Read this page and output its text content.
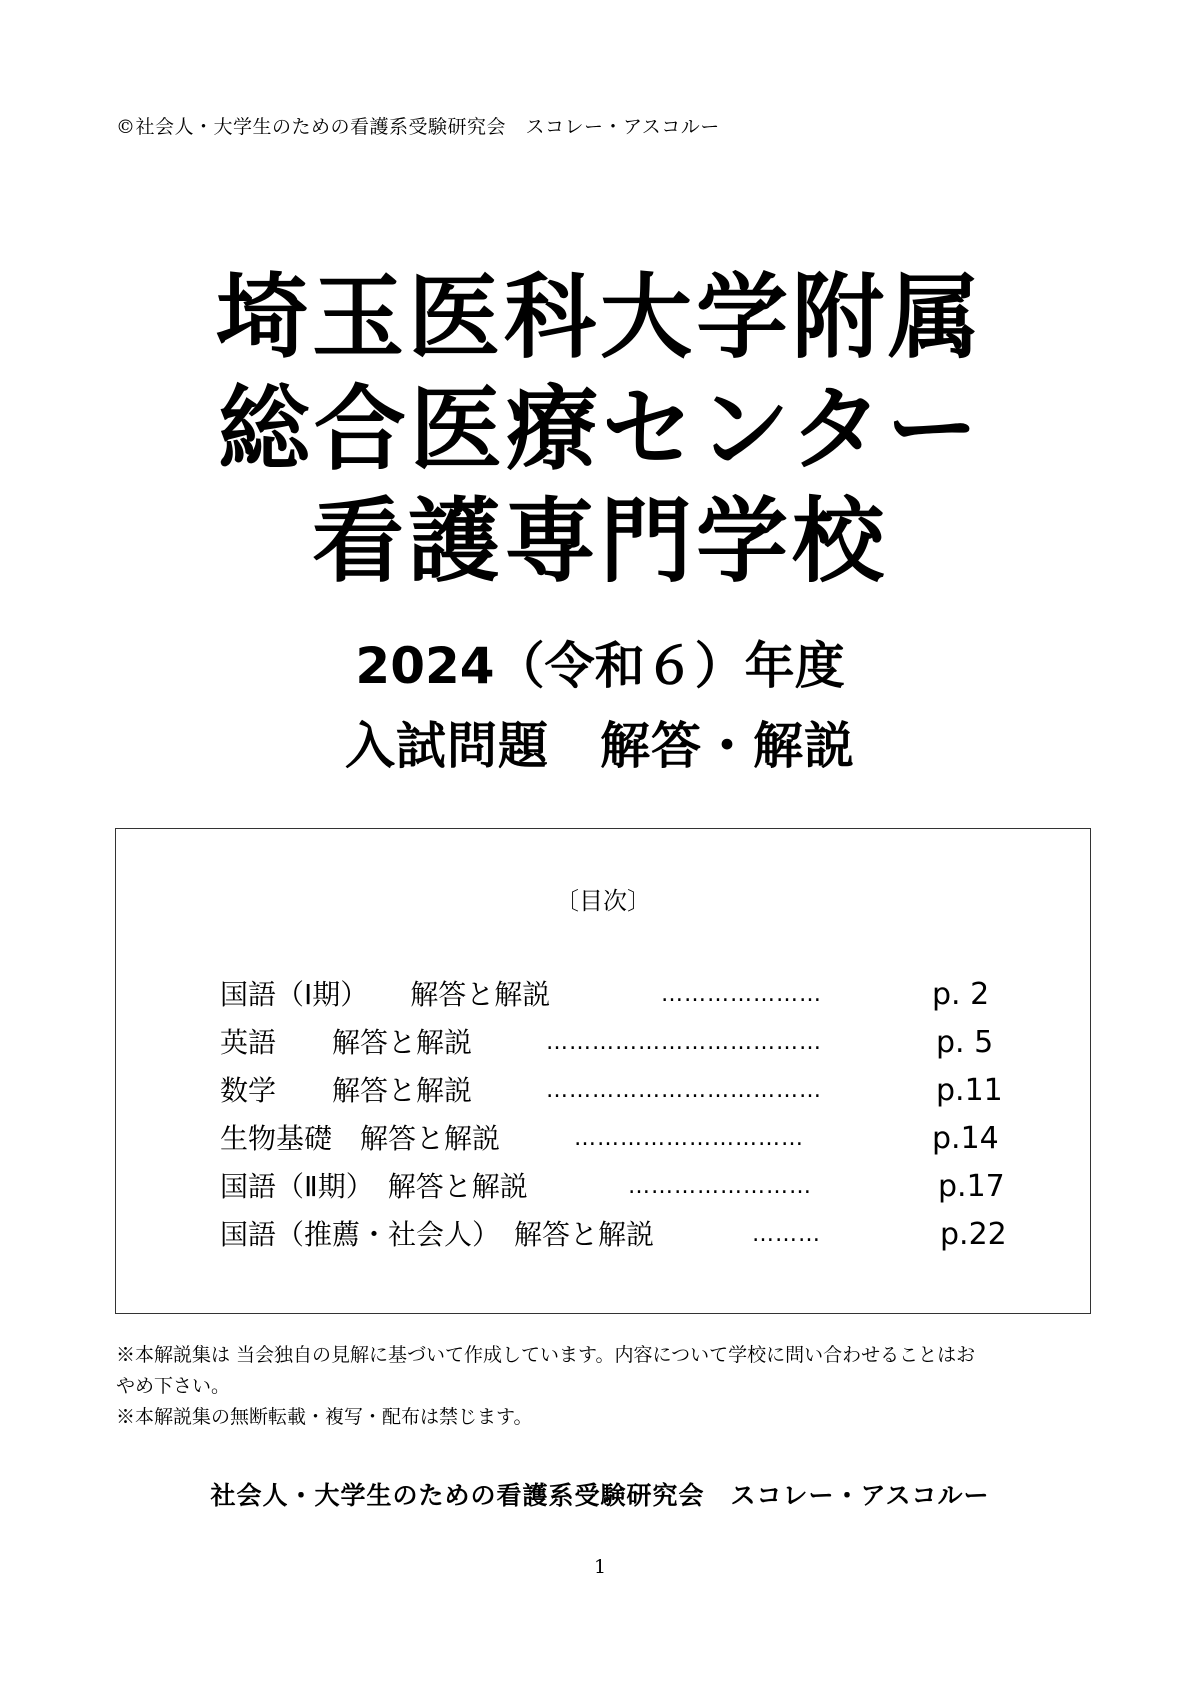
©社会人・大学生のための看護系受験研究会　スコレー・アスコルー
埼玉医科大学附属
総合医療センター
看護専門学校
2024（令和６）年度
入試問題　解答・解説
〔目次〕
国語（Ⅰ期）　　解答と解説	…………………	p. 2
英語　　解答と解説	………………………………	p. 5
数学　　解答と解説	………………………………	p.11
生物基礎　解答と解説	…………………………	p.14
国語（Ⅱ期）　解答と解説	……………………	p.17
国語（推薦・社会人）　解答と解説	………	p.22
※本解説集は 当会独自の見解に基づいて作成しています。内容について学校に問い合わせることはお
やめ下さい。
※本解説集の無断転載・複写・配布は禁じます。
社会人・大学生のための看護系受験研究会　スコレー・アスコルー
1
